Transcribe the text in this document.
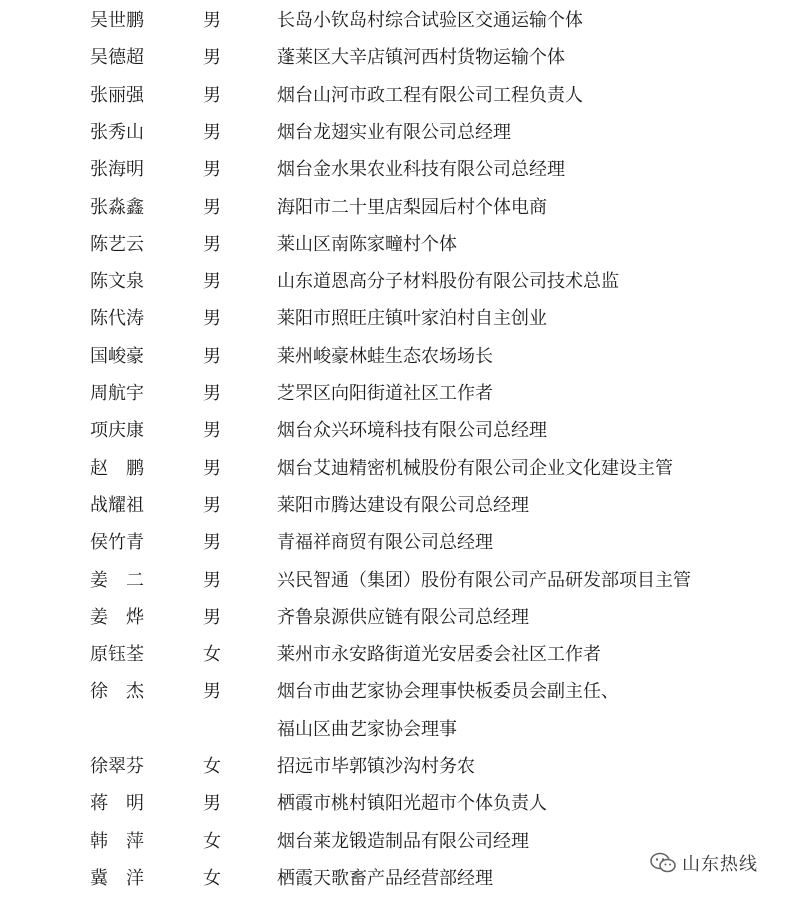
吴世鹏	男	长岛小钦岛村综合试验区交通运输个体
吴德超	男	蓬莱区大辛店镇河西村货物运输个体
张丽强	男	烟台山河市政工程有限公司工程负责人
张秀山	男	烟台龙翅实业有限公司总经理
张海明	男	烟台金水果农业科技有限公司总经理
张淼鑫	男	海阳市二十里店梨园后村个体电商
陈艺云	男	莱山区南陈家疃村个体
陈文泉	男	山东道恩高分子材料股份有限公司技术总监
陈代涛	男	莱阳市照旺庄镇叶家泊村自主创业
国峻豪	男	莱州峻豪林蛙生态农场场长
周航宇	男	芝罘区向阳街道社区工作者
项庆康	男	烟台众兴环境科技有限公司总经理
赵　鹏	男	烟台艾迪精密机械股份有限公司企业文化建设主管
战耀祖	男	莱阳市腾达建设有限公司总经理
侯竹青	男	青福祥商贸有限公司总经理
姜　二	男	兴民智通（集团）股份有限公司产品研发部项目主管
姜　烨	男	齐鲁泉源供应链有限公司总经理
原钰荃	女	莱州市永安路街道光安居委会社区工作者
徐　杰	男	烟台市曲艺家协会理事快板委员会副主任、
福山区曲艺家协会理事
徐翠芬	女	招远市毕郭镇沙沟村务农
蒋　明	男	栖霞市桃村镇阳光超市个体负责人
韩　萍	女	烟台莱龙锻造制品有限公司经理
冀　洋	女	栖霞天歌畜产品经营部经理
山东热线
